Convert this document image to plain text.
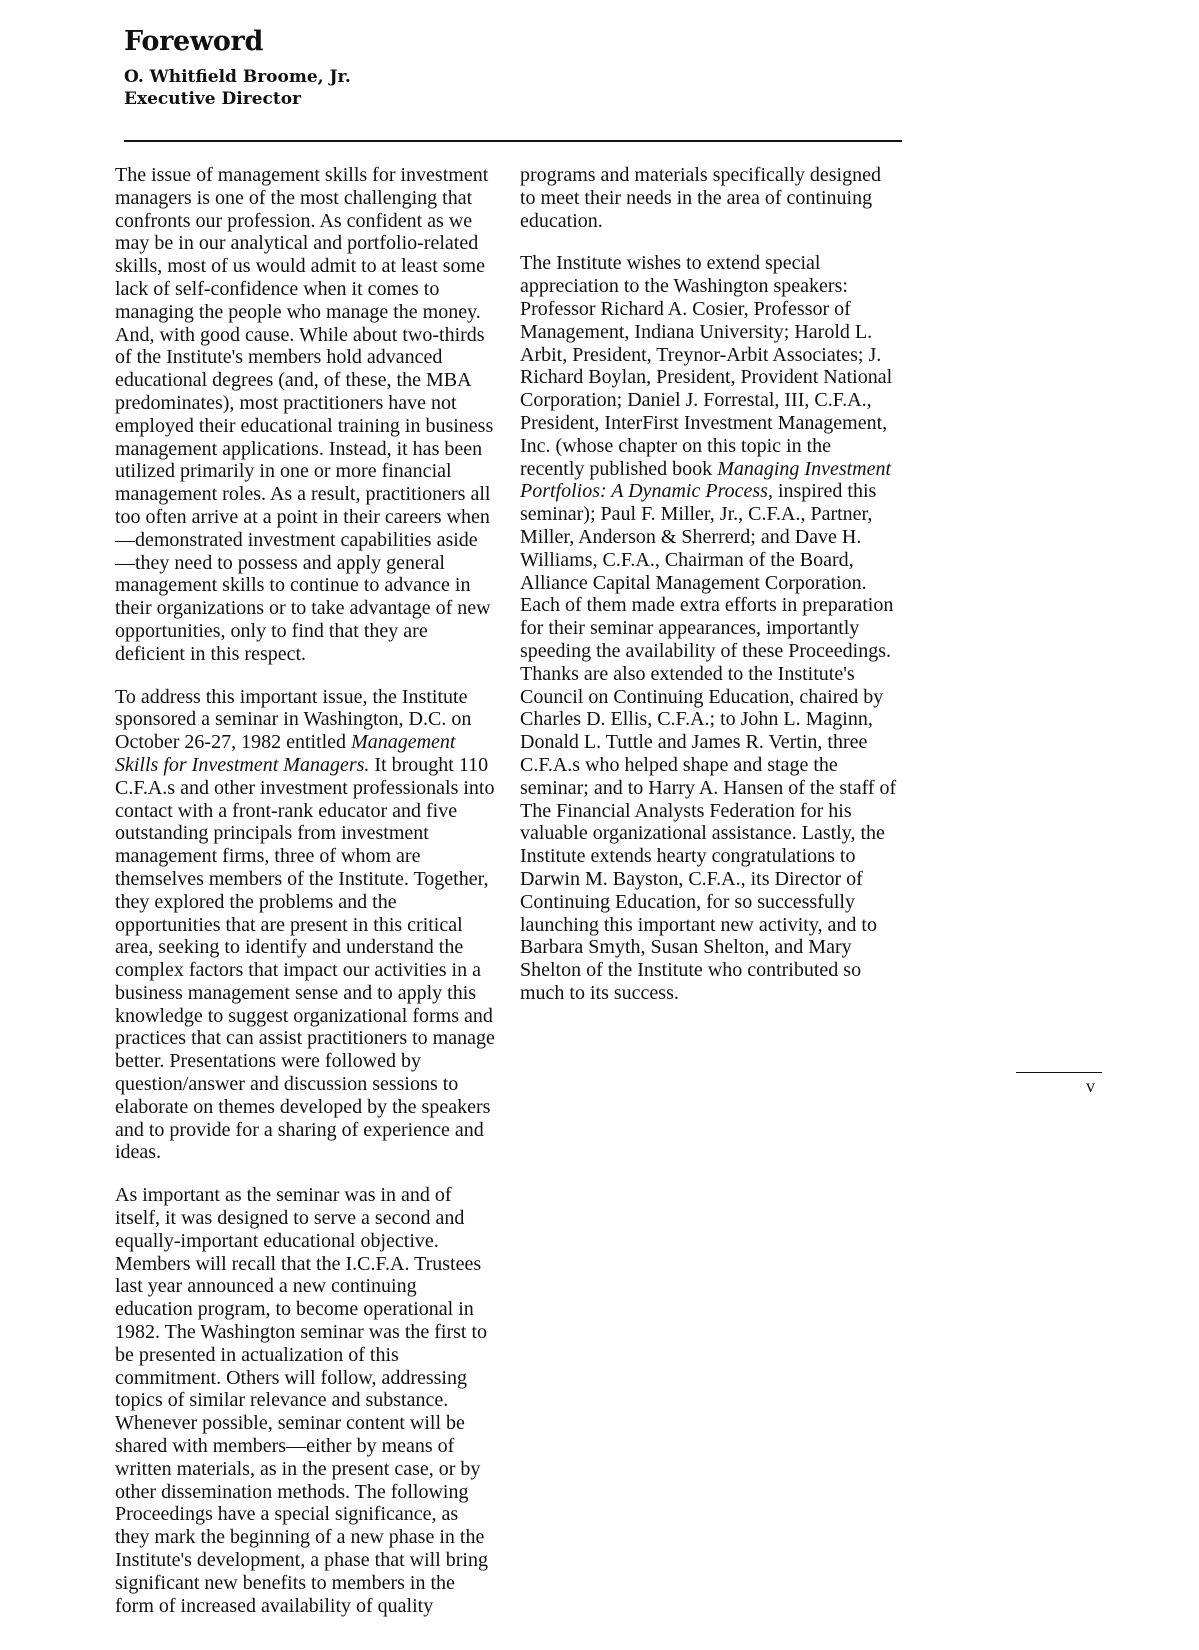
Foreword
O. Whitfield Broome, Jr.
Executive Director

The issue of management skills for investment managers is one of the most challenging that confronts our profession. As confident as we may be in our analytical and portfolio-related skills, most of us would admit to at least some lack of self-confidence when it comes to managing the people who manage the money. And, with good cause. While about two-thirds of the Institute's members hold advanced educational degrees (and, of these, the MBA predominates), most practitioners have not employed their educational training in business management applications. Instead, it has been utilized primarily in one or more financial management roles. As a result, practitioners all too often arrive at a point in their careers when—demonstrated investment capabilities aside—they need to possess and apply general management skills to continue to advance in their organizations or to take advantage of new opportunities, only to find that they are deficient in this respect.

To address this important issue, the Institute sponsored a seminar in Washington, D.C. on October 26-27, 1982 entitled Management Skills for Investment Managers. It brought 110 C.F.A.s and other investment professionals into contact with a front-rank educator and five outstanding principals from investment management firms, three of whom are themselves members of the Institute. Together, they explored the problems and the opportunities that are present in this critical area, seeking to identify and understand the complex factors that impact our activities in a business management sense and to apply this knowledge to suggest organizational forms and practices that can assist practitioners to manage better. Presentations were followed by question/answer and discussion sessions to elaborate on themes developed by the speakers and to provide for a sharing of experience and ideas.

As important as the seminar was in and of itself, it was designed to serve a second and equally-important educational objective. Members will recall that the I.C.F.A. Trustees last year announced a new continuing education program, to become operational in 1982. The Washington seminar was the first to be presented in actualization of this commitment. Others will follow, addressing topics of similar relevance and substance. Whenever possible, seminar content will be shared with members—either by means of written materials, as in the present case, or by other dissemination methods. The following Proceedings have a special significance, as they mark the beginning of a new phase in the Institute's development, a phase that will bring significant new benefits to members in the form of increased availability of quality

programs and materials specifically designed to meet their needs in the area of continuing education.

The Institute wishes to extend special appreciation to the Washington speakers: Professor Richard A. Cosier, Professor of Management, Indiana University; Harold L. Arbit, President, Treynor-Arbit Associates; J. Richard Boylan, President, Provident National Corporation; Daniel J. Forrestal, III, C.F.A., President, InterFirst Investment Management, Inc. (whose chapter on this topic in the recently published book Managing Investment Portfolios: A Dynamic Process, inspired this seminar); Paul F. Miller, Jr., C.F.A., Partner, Miller, Anderson & Sherrerd; and Dave H. Williams, C.F.A., Chairman of the Board, Alliance Capital Management Corporation. Each of them made extra efforts in preparation for their seminar appearances, importantly speeding the availability of these Proceedings. Thanks are also extended to the Institute's Council on Continuing Education, chaired by Charles D. Ellis, C.F.A.; to John L. Maginn, Donald L. Tuttle and James R. Vertin, three C.F.A.s who helped shape and stage the seminar; and to Harry A. Hansen of the staff of The Financial Analysts Federation for his valuable organizational assistance. Lastly, the Institute extends hearty congratulations to Darwin M. Bayston, C.F.A., its Director of Continuing Education, for so successfully launching this important new activity, and to Barbara Smyth, Susan Shelton, and Mary Shelton of the Institute who contributed so much to its success.

v
